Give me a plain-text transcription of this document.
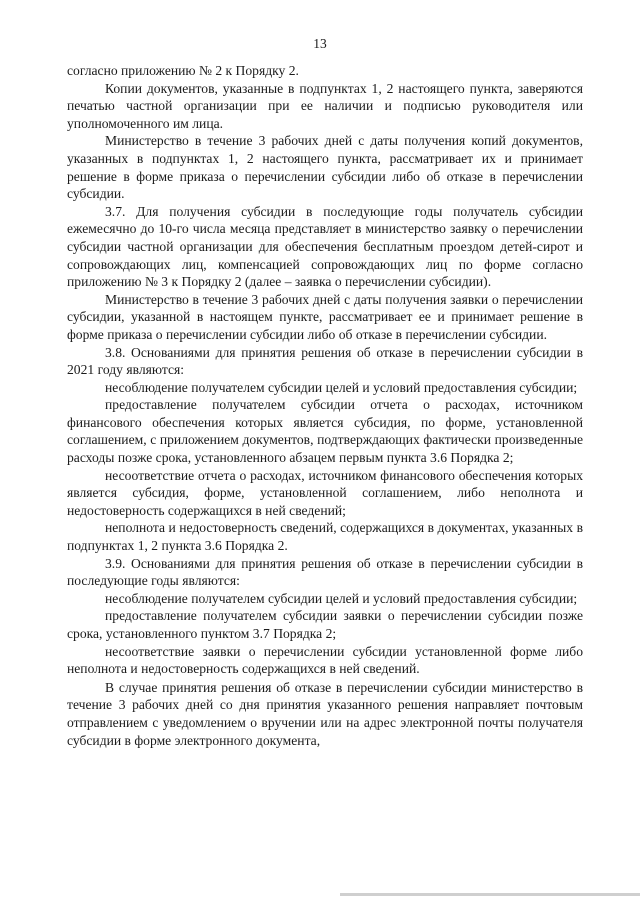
13

согласно приложению № 2 к Порядку 2.

Копии документов, указанные в подпунктах 1, 2 настоящего пункта, заверяются печатью частной организации при ее наличии и подписью руководителя или уполномоченного им лица.

Министерство в течение 3 рабочих дней с даты получения копий документов, указанных в подпунктах 1, 2 настоящего пункта, рассматривает их и принимает решение в форме приказа о перечислении субсидии либо об отказе в перечислении субсидии.

3.7. Для получения субсидии в последующие годы получатель субсидии ежемесячно до 10-го числа месяца представляет в министерство заявку о перечислении субсидии частной организации для обеспечения бесплатным проездом детей-сирот и сопровождающих лиц, компенсацией сопровождающих лиц по форме согласно приложению № 3 к Порядку 2 (далее – заявка о перечислении субсидии).

Министерство в течение 3 рабочих дней с даты получения заявки о перечислении субсидии, указанной в настоящем пункте, рассматривает ее и принимает решение в форме приказа о перечислении субсидии либо об отказе в перечислении субсидии.

3.8. Основаниями для принятия решения об отказе в перечислении субсидии в 2021 году являются:

несоблюдение получателем субсидии целей и условий предоставления субсидии;

предоставление получателем субсидии отчета о расходах, источником финансового обеспечения которых является субсидия, по форме, установленной соглашением, с приложением документов, подтверждающих фактически произведенные расходы позже срока, установленного абзацем первым пункта 3.6 Порядка 2;

несоответствие отчета о расходах, источником финансового обеспечения которых является субсидия, форме, установленной соглашением, либо неполнота и недостоверность содержащихся в ней сведений;

неполнота и недостоверность сведений, содержащихся в документах, указанных в подпунктах 1, 2 пункта 3.6 Порядка 2.

3.9. Основаниями для принятия решения об отказе в перечислении субсидии в последующие годы являются:

несоблюдение получателем субсидии целей и условий предоставления субсидии;

предоставление получателем субсидии заявки о перечислении субсидии позже срока, установленного пунктом 3.7 Порядка 2;

несоответствие заявки о перечислении субсидии установленной форме либо неполнота и недостоверность содержащихся в ней сведений.

В случае принятия решения об отказе в перечислении субсидии министерство в течение 3 рабочих дней со дня принятия указанного решения направляет почтовым отправлением с уведомлением о вручении или на адрес электронной почты получателя субсидии в форме электронного документа,
